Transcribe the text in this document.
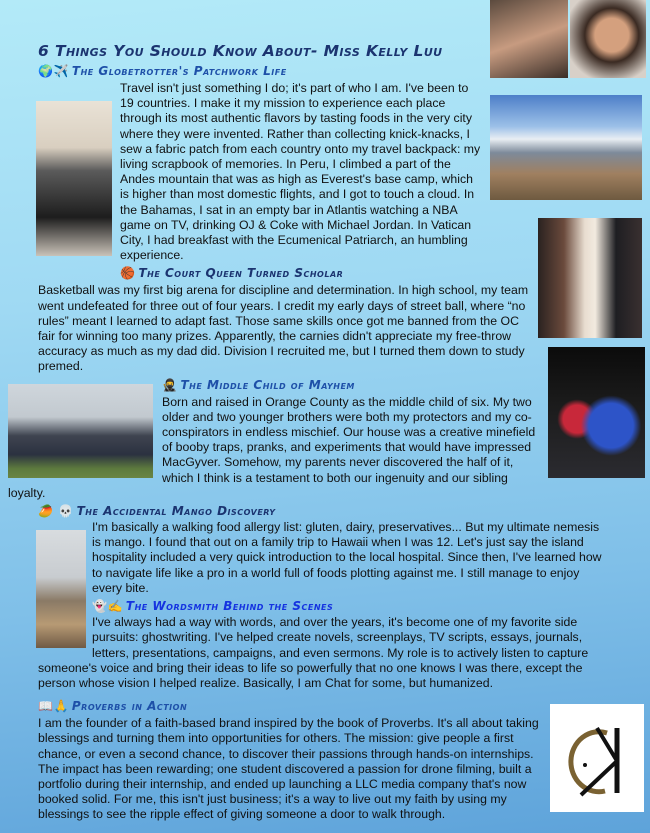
6 Things You Should Know About- Miss Kelly Luu
🌍✈️ The Globetrotter's Patchwork Life
Travel isn't just something I do; it's part of who I am. I've been to 19 countries. I make it my mission to experience each place through its most authentic flavors by tasting foods in the very city where they were invented. Rather than collecting knick-knacks, I sew a fabric patch from each country onto my travel backpack: my living scrapbook of memories. In Peru, I climbed a part of the Andes mountain that was as high as Everest's base camp, which is higher than most domestic flights, and I got to touch a cloud. In the Bahamas, I sat in an empty bar in Atlantis watching a NBA game on TV, drinking OJ & Coke with Michael Jordan. In Vatican City, I had breakfast with the Ecumenical Patriarch, an humbling experience.
🏀 The Court Queen Turned Scholar
Basketball was my first big arena for discipline and determination. In high school, my team went undefeated for three out of four years. I credit my early days of street ball, where “no rules” meant I learned to adapt fast. Those same skills once got me banned from the OC fair for winning too many prizes. Apparently, the carnies didn't appreciate my free-throw accuracy as much as my dad did. Division I recruited me, but I turned them down to study premed.
🥷 The Middle Child of Mayhem
Born and raised in Orange County as the middle child of six. My two older and two younger brothers were both my protectors and my co-conspirators in endless mischief. Our house was a creative minefield of booby traps, pranks, and experiments that would have impressed MacGyver. Somehow, my parents never discovered the half of it, which I think is a testament to both our ingenuity and our sibling loyalty.
🥭 💀 The Accidental Mango Discovery
I'm basically a walking food allergy list: gluten, dairy, preservatives... But my ultimate nemesis is mango. I found that out on a family trip to Hawaii when I was 12. Let's just say the island hospitality included a very quick introduction to the local hospital. Since then, I've learned how to navigate life like a pro in a world full of foods plotting against me. I still manage to enjoy every bite.
👻✍️ The Wordsmith Behind the Scenes
I've always had a way with words, and over the years, it's become one of my favorite side pursuits: ghostwriting. I've helped create novels, screenplays, TV scripts, essays, journals, letters, presentations, campaigns, and even sermons. My role is to actively listen to capture someone's voice and bring their ideas to life so powerfully that no one knows I was there, except the person whose vision I helped realize. Basically, I am Chat for some, but humanized.
📖🙏 Proverbs in Action
I am the founder of a faith-based brand inspired by the book of Proverbs. It's all about taking blessings and turning them into opportunities for others. The mission: give people a first chance, or even a second chance, to discover their passions through hands-on internships. The impact has been rewarding; one student discovered a passion for drone filming, built a portfolio during their internship, and ended up launching a LLC media company that's now booked solid. For me, this isn't just business; it's a way to live out my faith by using my blessings to see the ripple effect of giving someone a door to walk through.
